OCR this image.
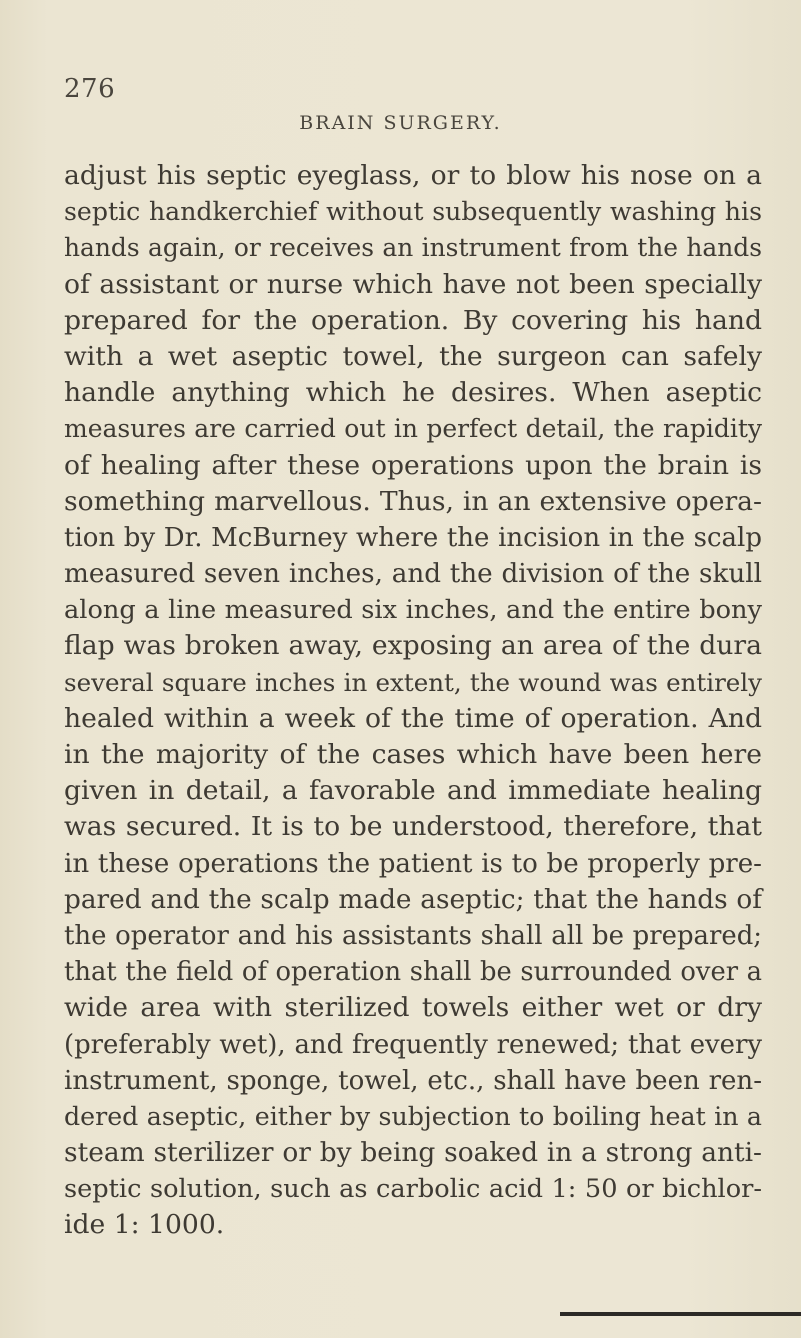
276
BRAIN SURGERY.
adjust his septic eyeglass, or to blow his nose on a
septic handkerchief without subsequently washing his
hands again, or receives an instrument from the hands
of assistant or nurse which have not been specially
prepared for the operation. By covering his hand
with a wet aseptic towel, the surgeon can safely
handle anything which he desires. When aseptic
measures are carried out in perfect detail, the rapidity
of healing after these operations upon the brain is
something marvellous. Thus, in an extensive opera-
tion by Dr. McBurney where the incision in the scalp
measured seven inches, and the division of the skull
along a line measured six inches, and the entire bony
flap was broken away, exposing an area of the dura
several square inches in extent, the wound was entirely
healed within a week of the time of operation. And
in the majority of the cases which have been here
given in detail, a favorable and immediate healing
was secured. It is to be understood, therefore, that
in these operations the patient is to be properly pre-
pared and the scalp made aseptic; that the hands of
the operator and his assistants shall all be prepared;
that the field of operation shall be surrounded over a
wide area with sterilized towels either wet or dry
(preferably wet), and frequently renewed; that every
instrument, sponge, towel, etc., shall have been ren-
dered aseptic, either by subjection to boiling heat in a
steam sterilizer or by being soaked in a strong anti-
septic solution, such as carbolic acid 1: 50 or bichlor-
ide 1: 1000.
